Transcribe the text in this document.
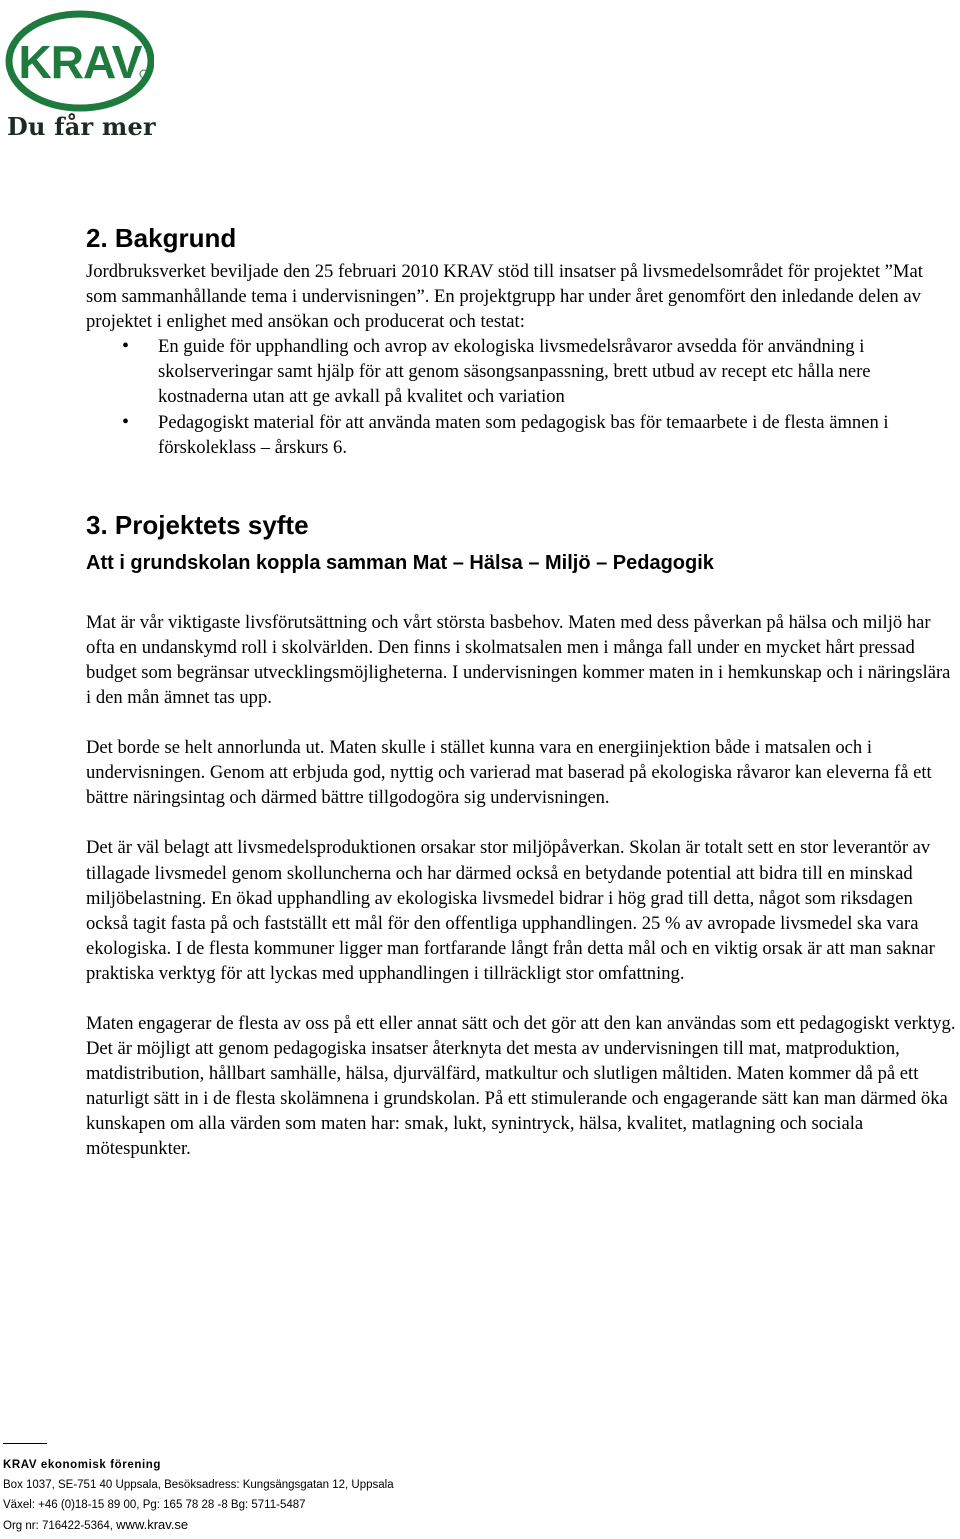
KRAV
Du får mer
2. Bakgrund

Jordbruksverket beviljade den 25 februari 2010 KRAV stöd till insatser på livsmedelsområdet för projektet ”Mat som sammanhållande tema i undervisningen”. En projektgrupp har under året genomfört den inledande delen av projektet i enlighet med ansökan och producerat och testat:

• En guide för upphandling och avrop av ekologiska livsmedelsråvaror avsedda för användning i skolserveringar samt hjälp för att genom säsongsanpassning, brett utbud av recept etc hålla nere kostnaderna utan att ge avkall på kvalitet och variation
• Pedagogiskt material för att använda maten som pedagogisk bas för temaarbete i de flesta ämnen i förskoleklass – årskurs 6.
3. Projektets syfte
Att i grundskolan koppla samman Mat – Hälsa – Miljö – Pedagogik

Mat är vår viktigaste livsförutsättning och vårt största basbehov. Maten med dess påverkan på hälsa och miljö har ofta en undanskymd roll i skolvärlden. Den finns i skolmatsalen men i många fall under en mycket hårt pressad budget som begränsar utvecklingsmöjligheterna. I undervisningen kommer maten in i hemkunskap och i näringslära i den mån ämnet tas upp.

Det borde se helt annorlunda ut. Maten skulle i stället kunna vara en energiinjektion både i matsalen och i undervisningen. Genom att erbjuda god, nyttig och varierad mat baserad på ekologiska råvaror kan eleverna få ett bättre näringsintag och därmed bättre tillgodogöra sig undervisningen.

Det är väl belagt att livsmedelsproduktionen orsakar stor miljöpåverkan. Skolan är totalt sett en stor leverantör av tillagade livsmedel genom skolluncherna och har därmed också en betydande potential att bidra till en minskad miljöbelastning. En ökad upphandling av ekologiska livsmedel bidrar i hög grad till detta, något som riksdagen också tagit fasta på och fastställt ett mål för den offentliga upphandlingen. 25 % av avropade livsmedel ska vara ekologiska. I de flesta kommuner ligger man fortfarande långt från detta mål och en viktig orsak är att man saknar praktiska verktyg för att lyckas med upphandlingen i tillräckligt stor omfattning.

Maten engagerar de flesta av oss på ett eller annat sätt och det gör att den kan användas som ett pedagogiskt verktyg. Det är möjligt att genom pedagogiska insatser återknyta det mesta av undervisningen till mat, matproduktion, matdistribution, hållbart samhälle, hälsa, djurvälfärd, matkultur och slutligen måltiden. Maten kommer då på ett naturligt sätt in i de flesta skolämnena i grundskolan. På ett stimulerande och engagerande sätt kan man därmed öka kunskapen om alla värden som maten har: smak, lukt, synintryck, hälsa, kvalitet, matlagning och sociala mötespunkter.

KRAV ekonomisk förening
Box 1037, SE-751 40 Uppsala, Besöksadress: Kungsängsgatan 12, Uppsala
Växel: +46 (0)18-15 89 00, Pg: 165 78 28 -8 Bg: 5711-5487
Org nr: 716422-5364, www.krav.se
